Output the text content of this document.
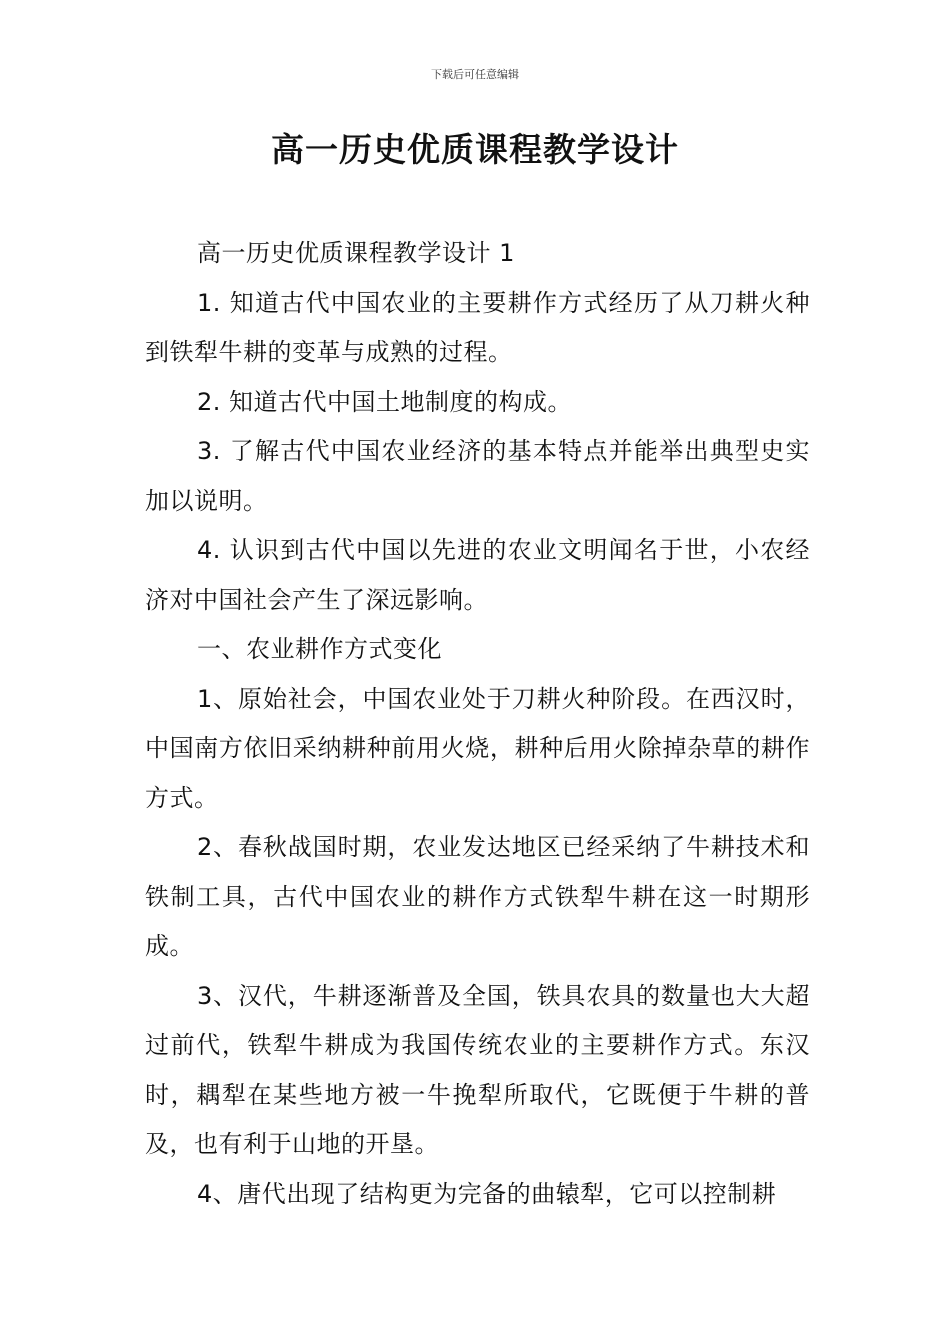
下载后可任意编辑
高一历史优质课程教学设计

高一历史优质课程教学设计 1

1. 知道古代中国农业的主要耕作方式经历了从刀耕火种到铁犁牛耕的变革与成熟的过程。

2. 知道古代中国土地制度的构成。

3. 了解古代中国农业经济的基本特点并能举出典型史实加以说明。

4. 认识到古代中国以先进的农业文明闻名于世，小农经济对中国社会产生了深远影响。

一、农业耕作方式变化

1、原始社会，中国农业处于刀耕火种阶段。在西汉时，中国南方依旧采纳耕种前用火烧，耕种后用火除掉杂草的耕作方式。

2、春秋战国时期，农业发达地区已经采纳了牛耕技术和铁制工具，古代中国农业的耕作方式铁犁牛耕在这一时期形成。

3、汉代，牛耕逐渐普及全国，铁具农具的数量也大大超过前代，铁犁牛耕成为我国传统农业的主要耕作方式。东汉时，耦犁在某些地方被一牛挽犁所取代，它既便于牛耕的普及，也有利于山地的开垦。

4、唐代出现了结构更为完备的曲辕犁，它可以控制耕
